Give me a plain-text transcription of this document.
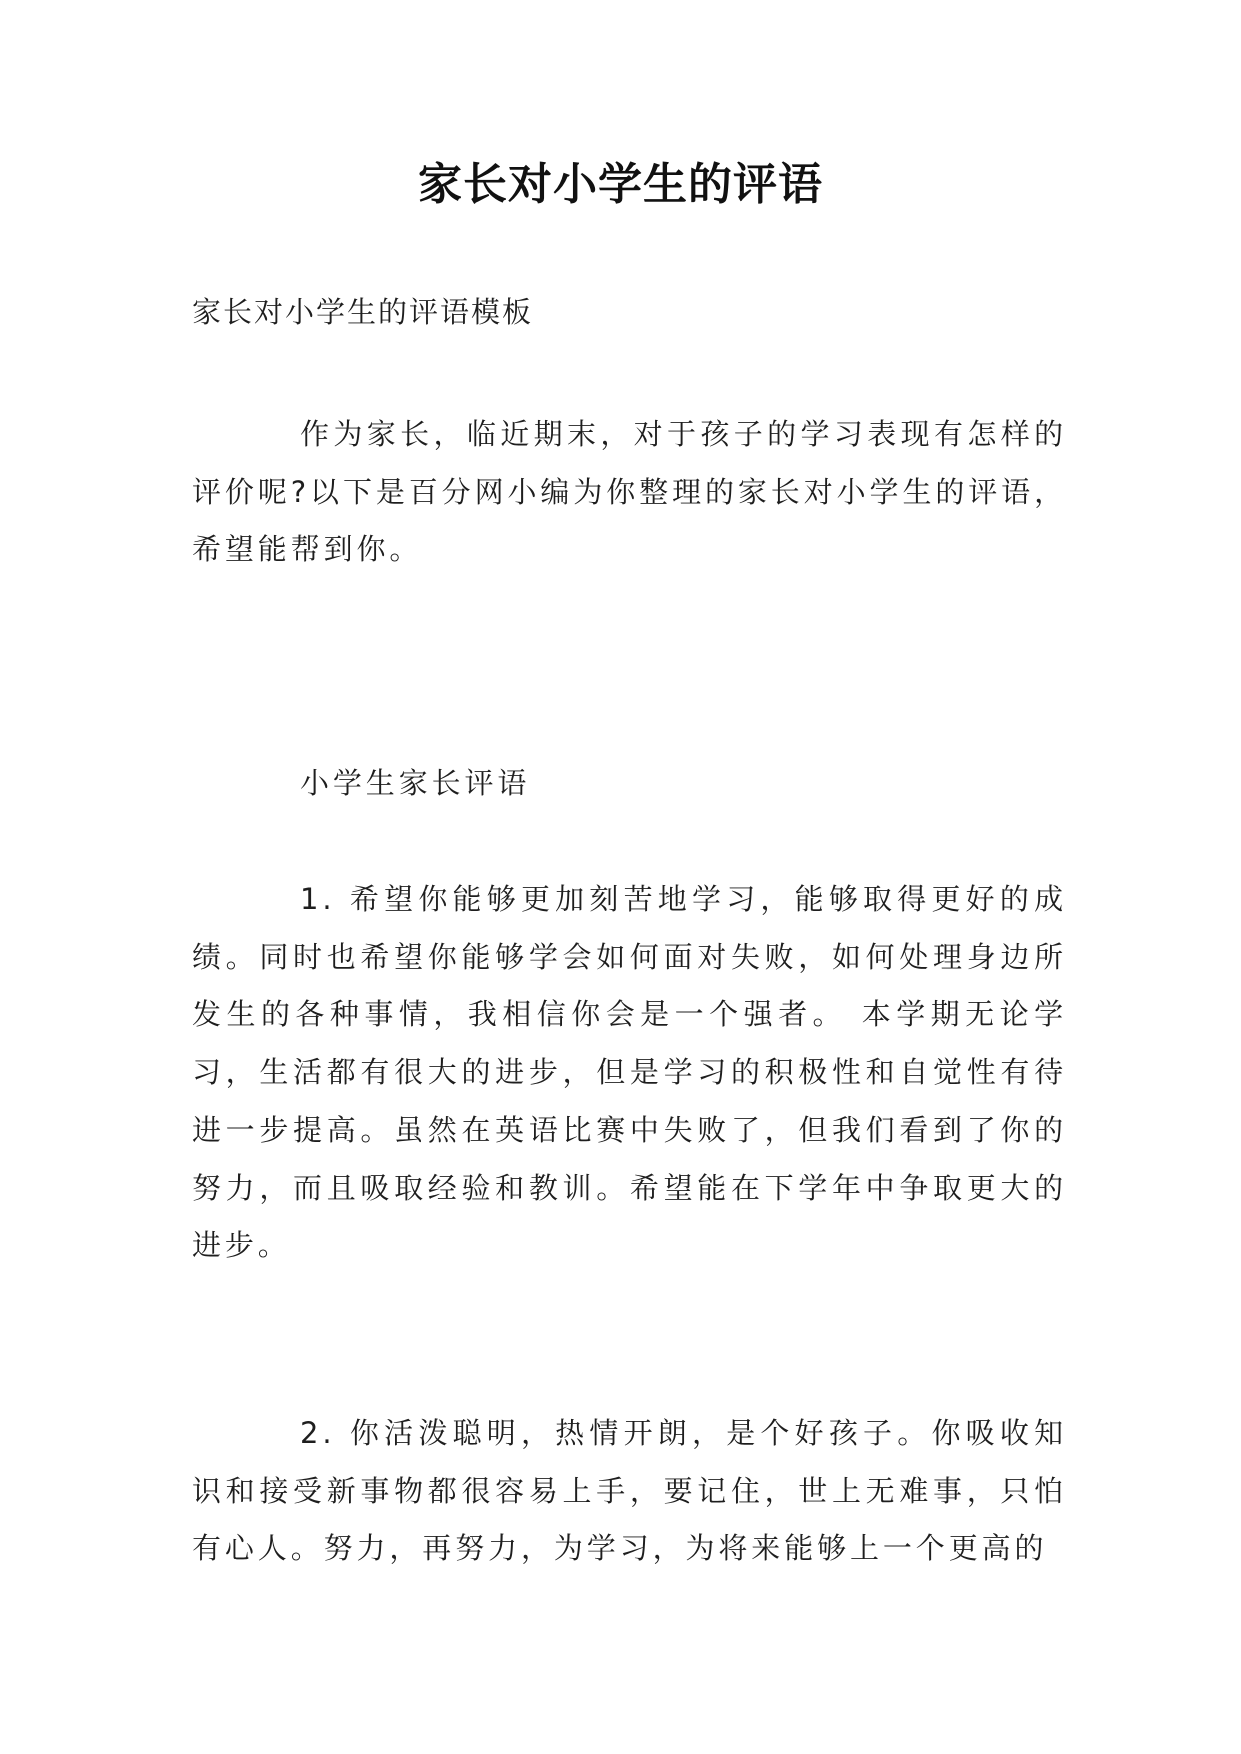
家长对小学生的评语
家长对小学生的评语模板

作为家长，临近期末，对于孩子的学习表现有怎样的评价呢?以下是百分网小编为你整理的家长对小学生的评语，希望能帮到你。

小学生家长评语

1. 希望你能够更加刻苦地学习，能够取得更好的成绩。同时也希望你能够学会如何面对失败，如何处理身边所发生的各种事情，我相信你会是一个强者。 本学期无论学习，生活都有很大的进步，但是学习的积极性和自觉性有待进一步提高。虽然在英语比赛中失败了，但我们看到了你的努力，而且吸取经验和教训。希望能在下学年中争取更大的进步。

2. 你活泼聪明，热情开朗，是个好孩子。你吸收知识和接受新事物都很容易上手，要记住，世上无难事，只怕有心人。努力，再努力，为学习，为将来能够上一个更高的
